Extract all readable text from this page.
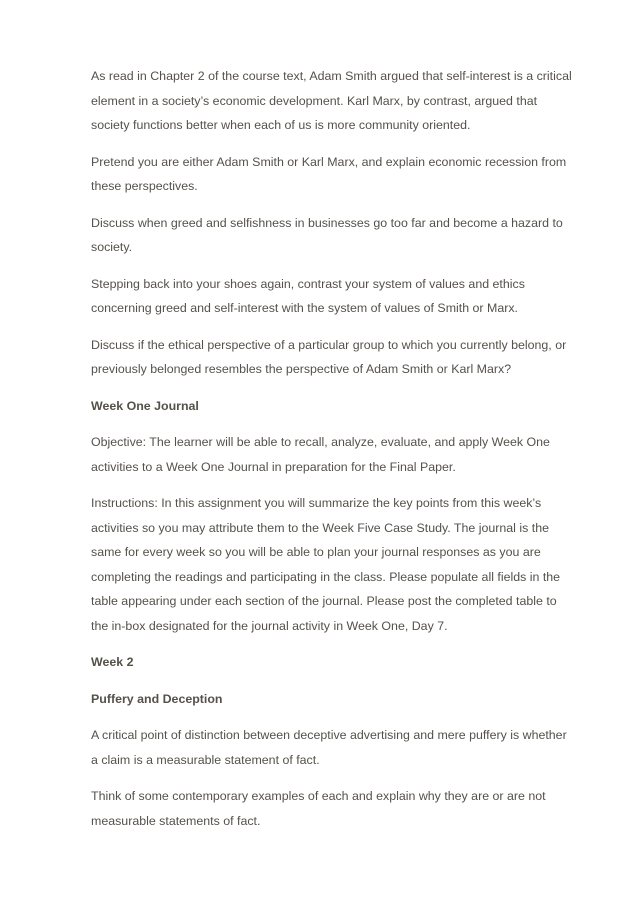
As read in Chapter 2 of the course text, Adam Smith argued that self-interest is a critical
element in a society’s economic development. Karl Marx, by contrast, argued that
society functions better when each of us is more community oriented.

Pretend you are either Adam Smith or Karl Marx, and explain economic recession from
these perspectives.

Discuss when greed and selfishness in businesses go too far and become a hazard to
society.

Stepping back into your shoes again, contrast your system of values and ethics
concerning greed and self-interest with the system of values of Smith or Marx.

Discuss if the ethical perspective of a particular group to which you currently belong, or
previously belonged resembles the perspective of Adam Smith or Karl Marx?

Week One Journal

Objective: The learner will be able to recall, analyze, evaluate, and apply Week One
activities to a Week One Journal in preparation for the Final Paper.

Instructions: In this assignment you will summarize the key points from this week’s
activities so you may attribute them to the Week Five Case Study. The journal is the
same for every week so you will be able to plan your journal responses as you are
completing the readings and participating in the class. Please populate all fields in the
table appearing under each section of the journal. Please post the completed table to
the in-box designated for the journal activity in Week One, Day 7.

Week 2

Puffery and Deception

A critical point of distinction between deceptive advertising and mere puffery is whether
a claim is a measurable statement of fact.

Think of some contemporary examples of each and explain why they are or are not
measurable statements of fact.
